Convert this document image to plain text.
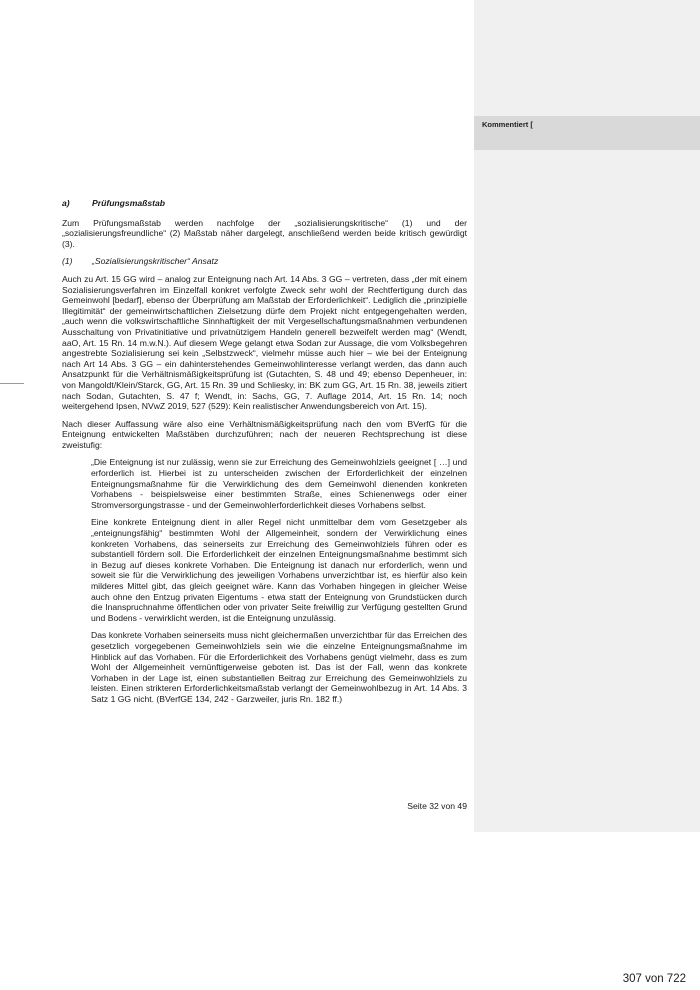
Kommentiert [

a)	Prüfungsmaßstab

Zum Prüfungsmaßstab werden nachfolge der „sozialisierungskritische“ (1) und der „sozialisierungsfreundliche“ (2) Maßstab näher dargelegt, anschließend werden beide kritisch gewürdigt (3).

(1) „Sozialisierungskritischer“ Ansatz

Auch zu Art. 15 GG wird – analog zur Enteignung nach Art. 14 Abs. 3 GG – vertreten, dass „der mit einem Sozialisierungsverfahren im Einzelfall konkret verfolgte Zweck sehr wohl der Rechtfertigung durch das Gemeinwohl [bedarf], ebenso der Überprüfung am Maßstab der Erforderlichkeit“. Lediglich die „prinzipielle Illegitimität“ der gemeinwirtschaftlichen Zielsetzung dürfe dem Projekt nicht entgegengehalten werden, „auch wenn die volkswirtschaftliche Sinnhaftigkeit der mit Vergesellschaftungsmaßnahmen verbundenen Ausschaltung von Privatinitiative und privatnützigem Handeln generell bezweifelt werden mag“ (Wendt, aaO, Art. 15 Rn. 14 m.w.N.). Auf diesem Wege gelangt etwa Sodan zur Aussage, die vom Volksbegehren angestrebte Sozialisierung sei kein „Selbstzweck“, vielmehr müsse auch hier – wie bei der Enteignung nach Art 14 Abs. 3 GG – ein dahinterstehendes Gemeinwohlinteresse verlangt werden, das dann auch Ansatzpunkt für die Verhältnismäßigkeitsprüfung ist (Gutachten, S. 48 und 49; ebenso Depenheuer, in: von Mangoldt/Klein/Starck, GG, Art. 15 Rn. 39 und Schliesky, in: BK zum GG, Art. 15 Rn. 38, jeweils zitiert nach Sodan, Gutachten, S. 47 f; Wendt, in: Sachs, GG, 7. Auflage 2014, Art. 15 Rn. 14; noch weitergehend Ipsen, NVwZ 2019, 527 (529): Kein realistischer Anwendungsbereich von Art. 15).

Nach dieser Auffassung wäre also eine Verhältnismäßigkeitsprüfung nach den vom BVerfG für die Enteignung entwickelten Maßstäben durchzuführen; nach der neueren Rechtsprechung ist diese zweistufig:

„Die Enteignung ist nur zulässig, wenn sie zur Erreichung des Gemeinwohlziels geeignet [ …] und erforderlich ist. Hierbei ist zu unterscheiden zwischen der Erforderlichkeit der einzelnen Enteignungsmaßnahme für die Verwirklichung des dem Gemeinwohl dienenden konkreten Vorhabens - beispielsweise einer bestimmten Straße, eines Schienenwegs oder einer Stromversorgungstrasse - und der Gemeinwohlerforderlichkeit dieses Vorhabens selbst.

Eine konkrete Enteignung dient in aller Regel nicht unmittelbar dem vom Gesetzgeber als „enteignungsfähig“ bestimmten Wohl der Allgemeinheit, sondern der Verwirklichung eines konkreten Vorhabens, das seinerseits zur Erreichung des Gemeinwohlziels führen oder es substantiell fördern soll. Die Erforderlichkeit der einzelnen Enteignungsmaßnahme bestimmt sich in Bezug auf dieses konkrete Vorhaben. Die Enteignung ist danach nur erforderlich, wenn und soweit sie für die Verwirklichung des jeweiligen Vorhabens unverzichtbar ist, es hierfür also kein milderes Mittel gibt, das gleich geeignet wäre. Kann das Vorhaben hingegen in gleicher Weise auch ohne den Entzug privaten Eigentums - etwa statt der Enteignung von Grundstücken durch die Inanspruchnahme öffentlichen oder von privater Seite freiwillig zur Verfügung gestellten Grund und Bodens - verwirklicht werden, ist die Enteignung unzulässig.

Das konkrete Vorhaben seinerseits muss nicht gleichermaßen unverzichtbar für das Erreichen des gesetzlich vorgegebenen Gemeinwohlziels sein wie die einzelne Enteignungsmaßnahme im Hinblick auf das Vorhaben. Für die Erforderlichkeit des Vorhabens genügt vielmehr, dass es zum Wohl der Allgemeinheit vernünftigerweise geboten ist. Das ist der Fall, wenn das konkrete Vorhaben in der Lage ist, einen substantiellen Beitrag zur Erreichung des Gemeinwohlziels zu leisten. Einen strikteren Erforderlichkeitsmaßstab verlangt der Gemeinwohlbezug in Art. 14 Abs. 3 Satz 1 GG nicht. (BVerfGE 134, 242 - Garzweiler, juris Rn. 182 ff.)

Seite 32 von 49
307 von 722
